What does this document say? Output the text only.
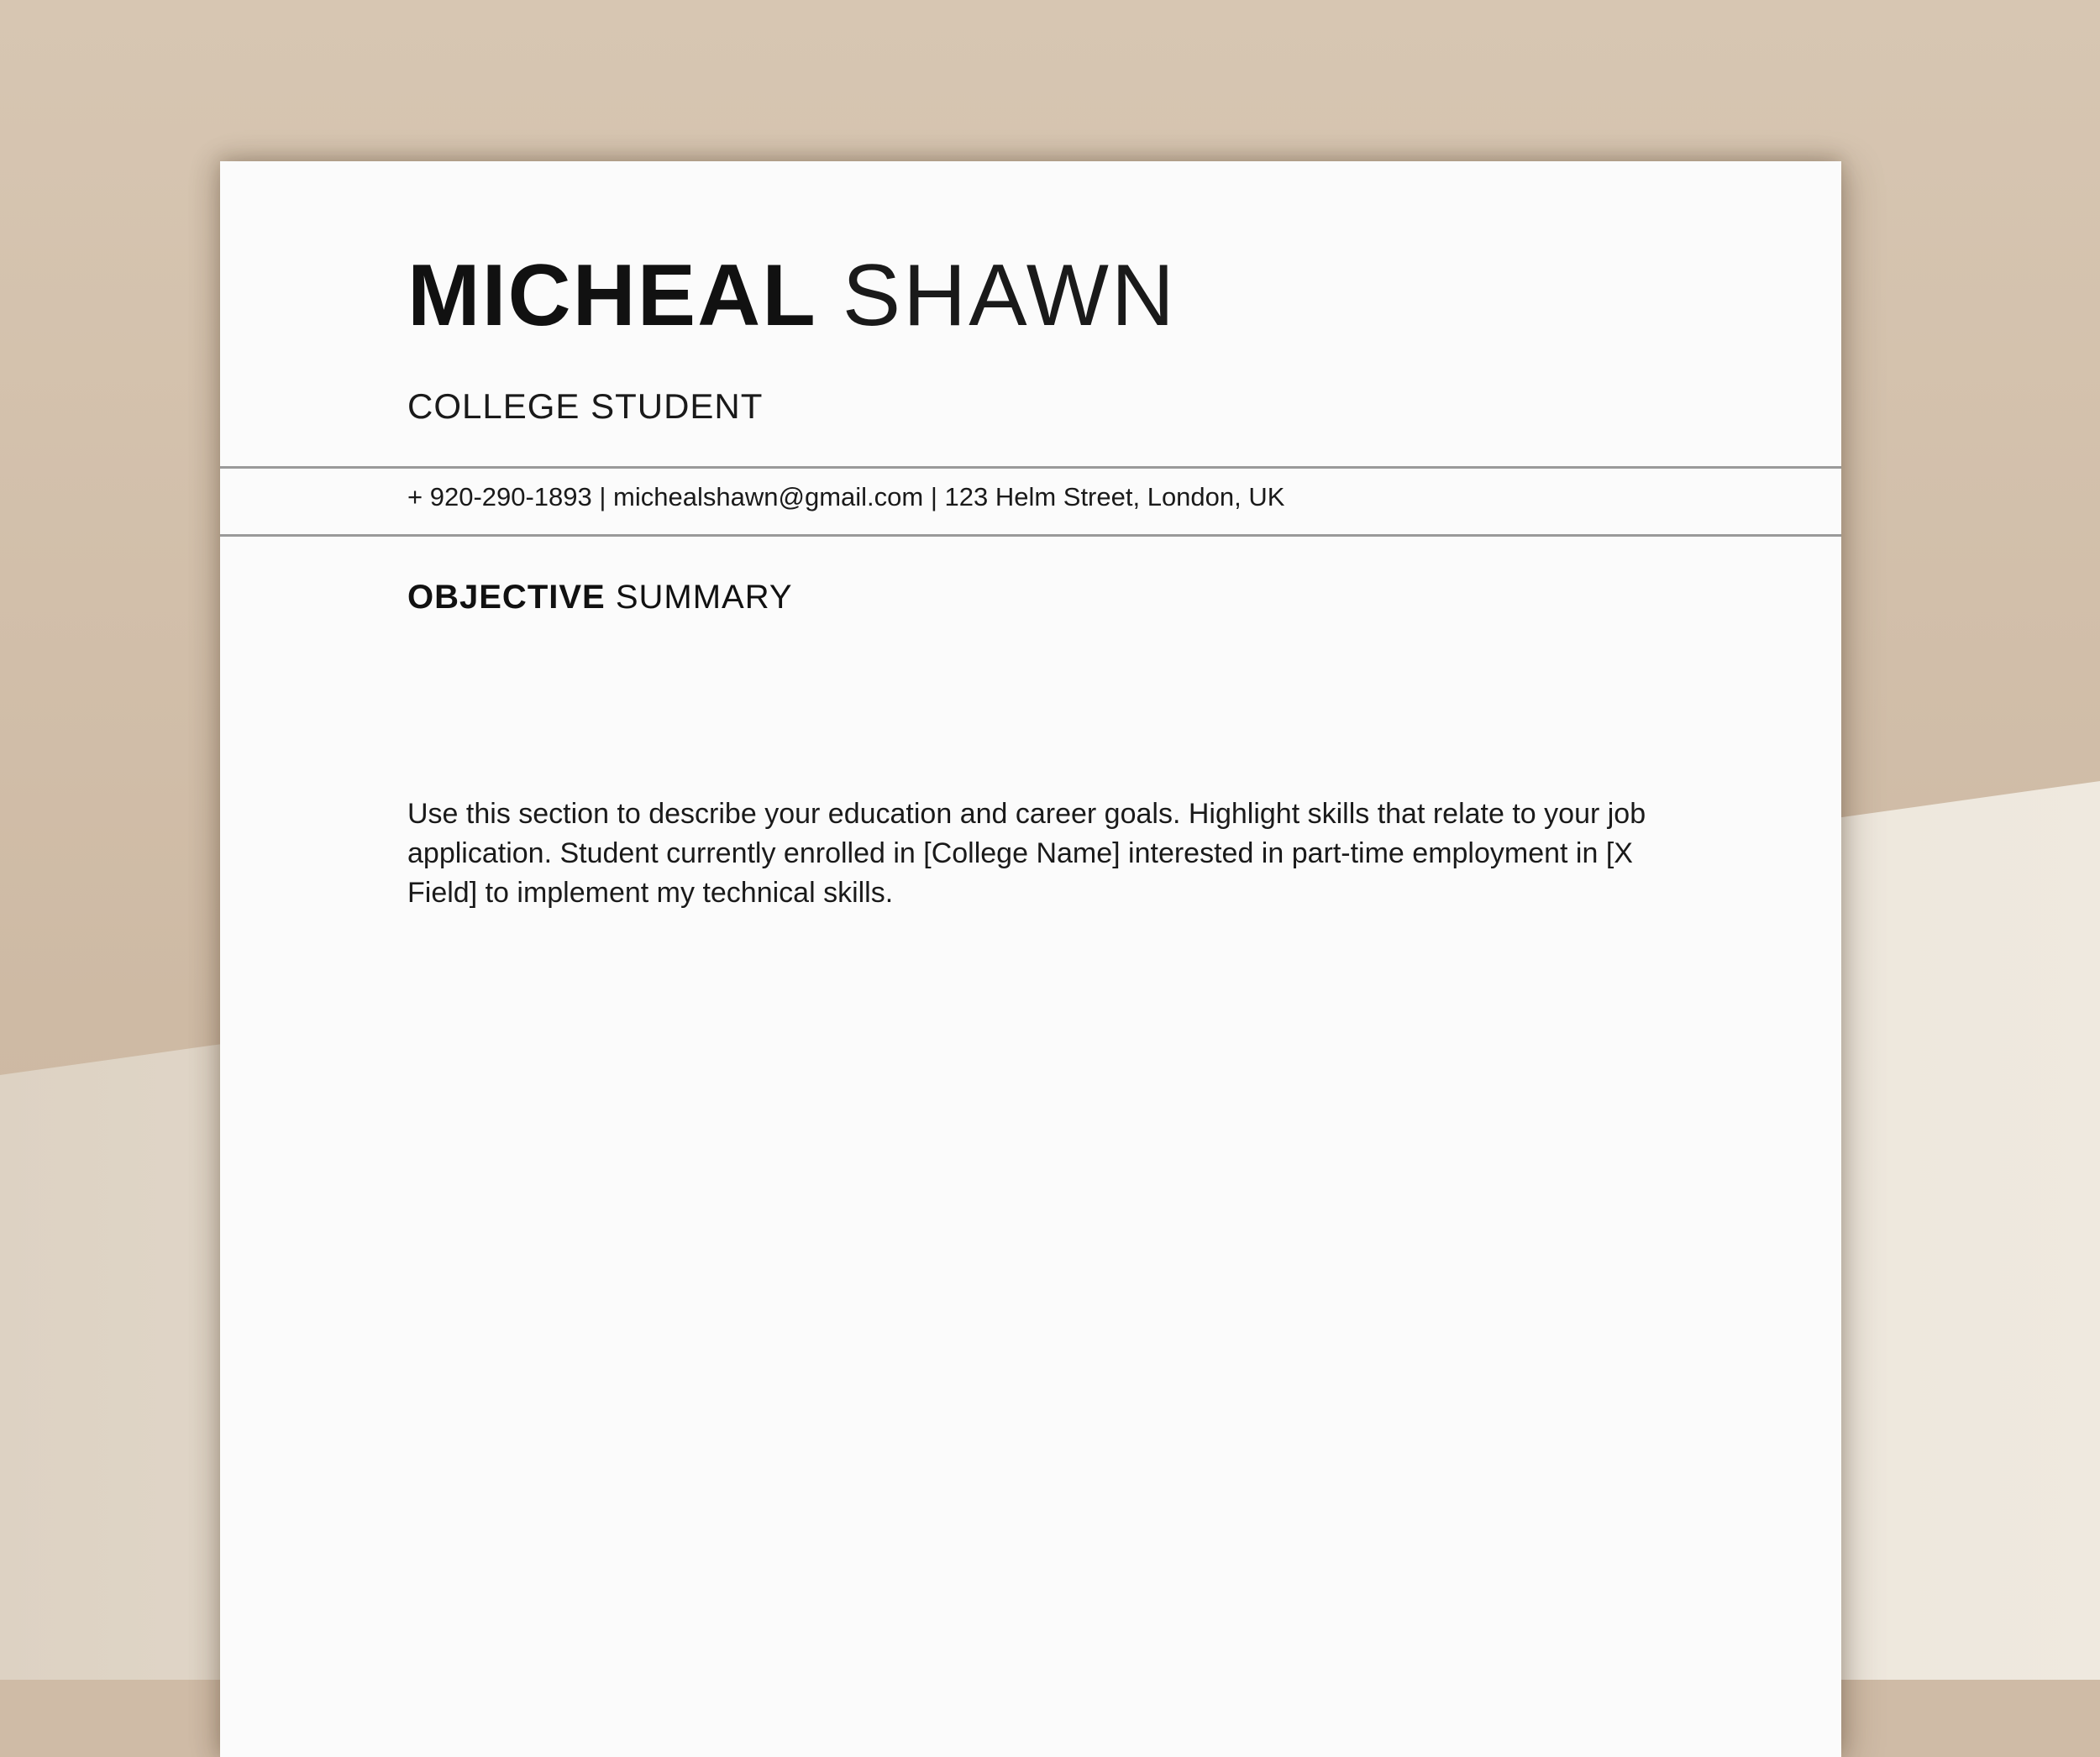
MICHEAL SHAWN
COLLEGE STUDENT
+ 920-290-1893 | michealshawn@gmail.com | 123 Helm Street, London, UK
OBJECTIVE SUMMARY
Use this section to describe your education and career goals. Highlight skills that relate to your job application. Student currently enrolled in [College Name] interested in part-time employment in [X Field] to implement my technical skills.
